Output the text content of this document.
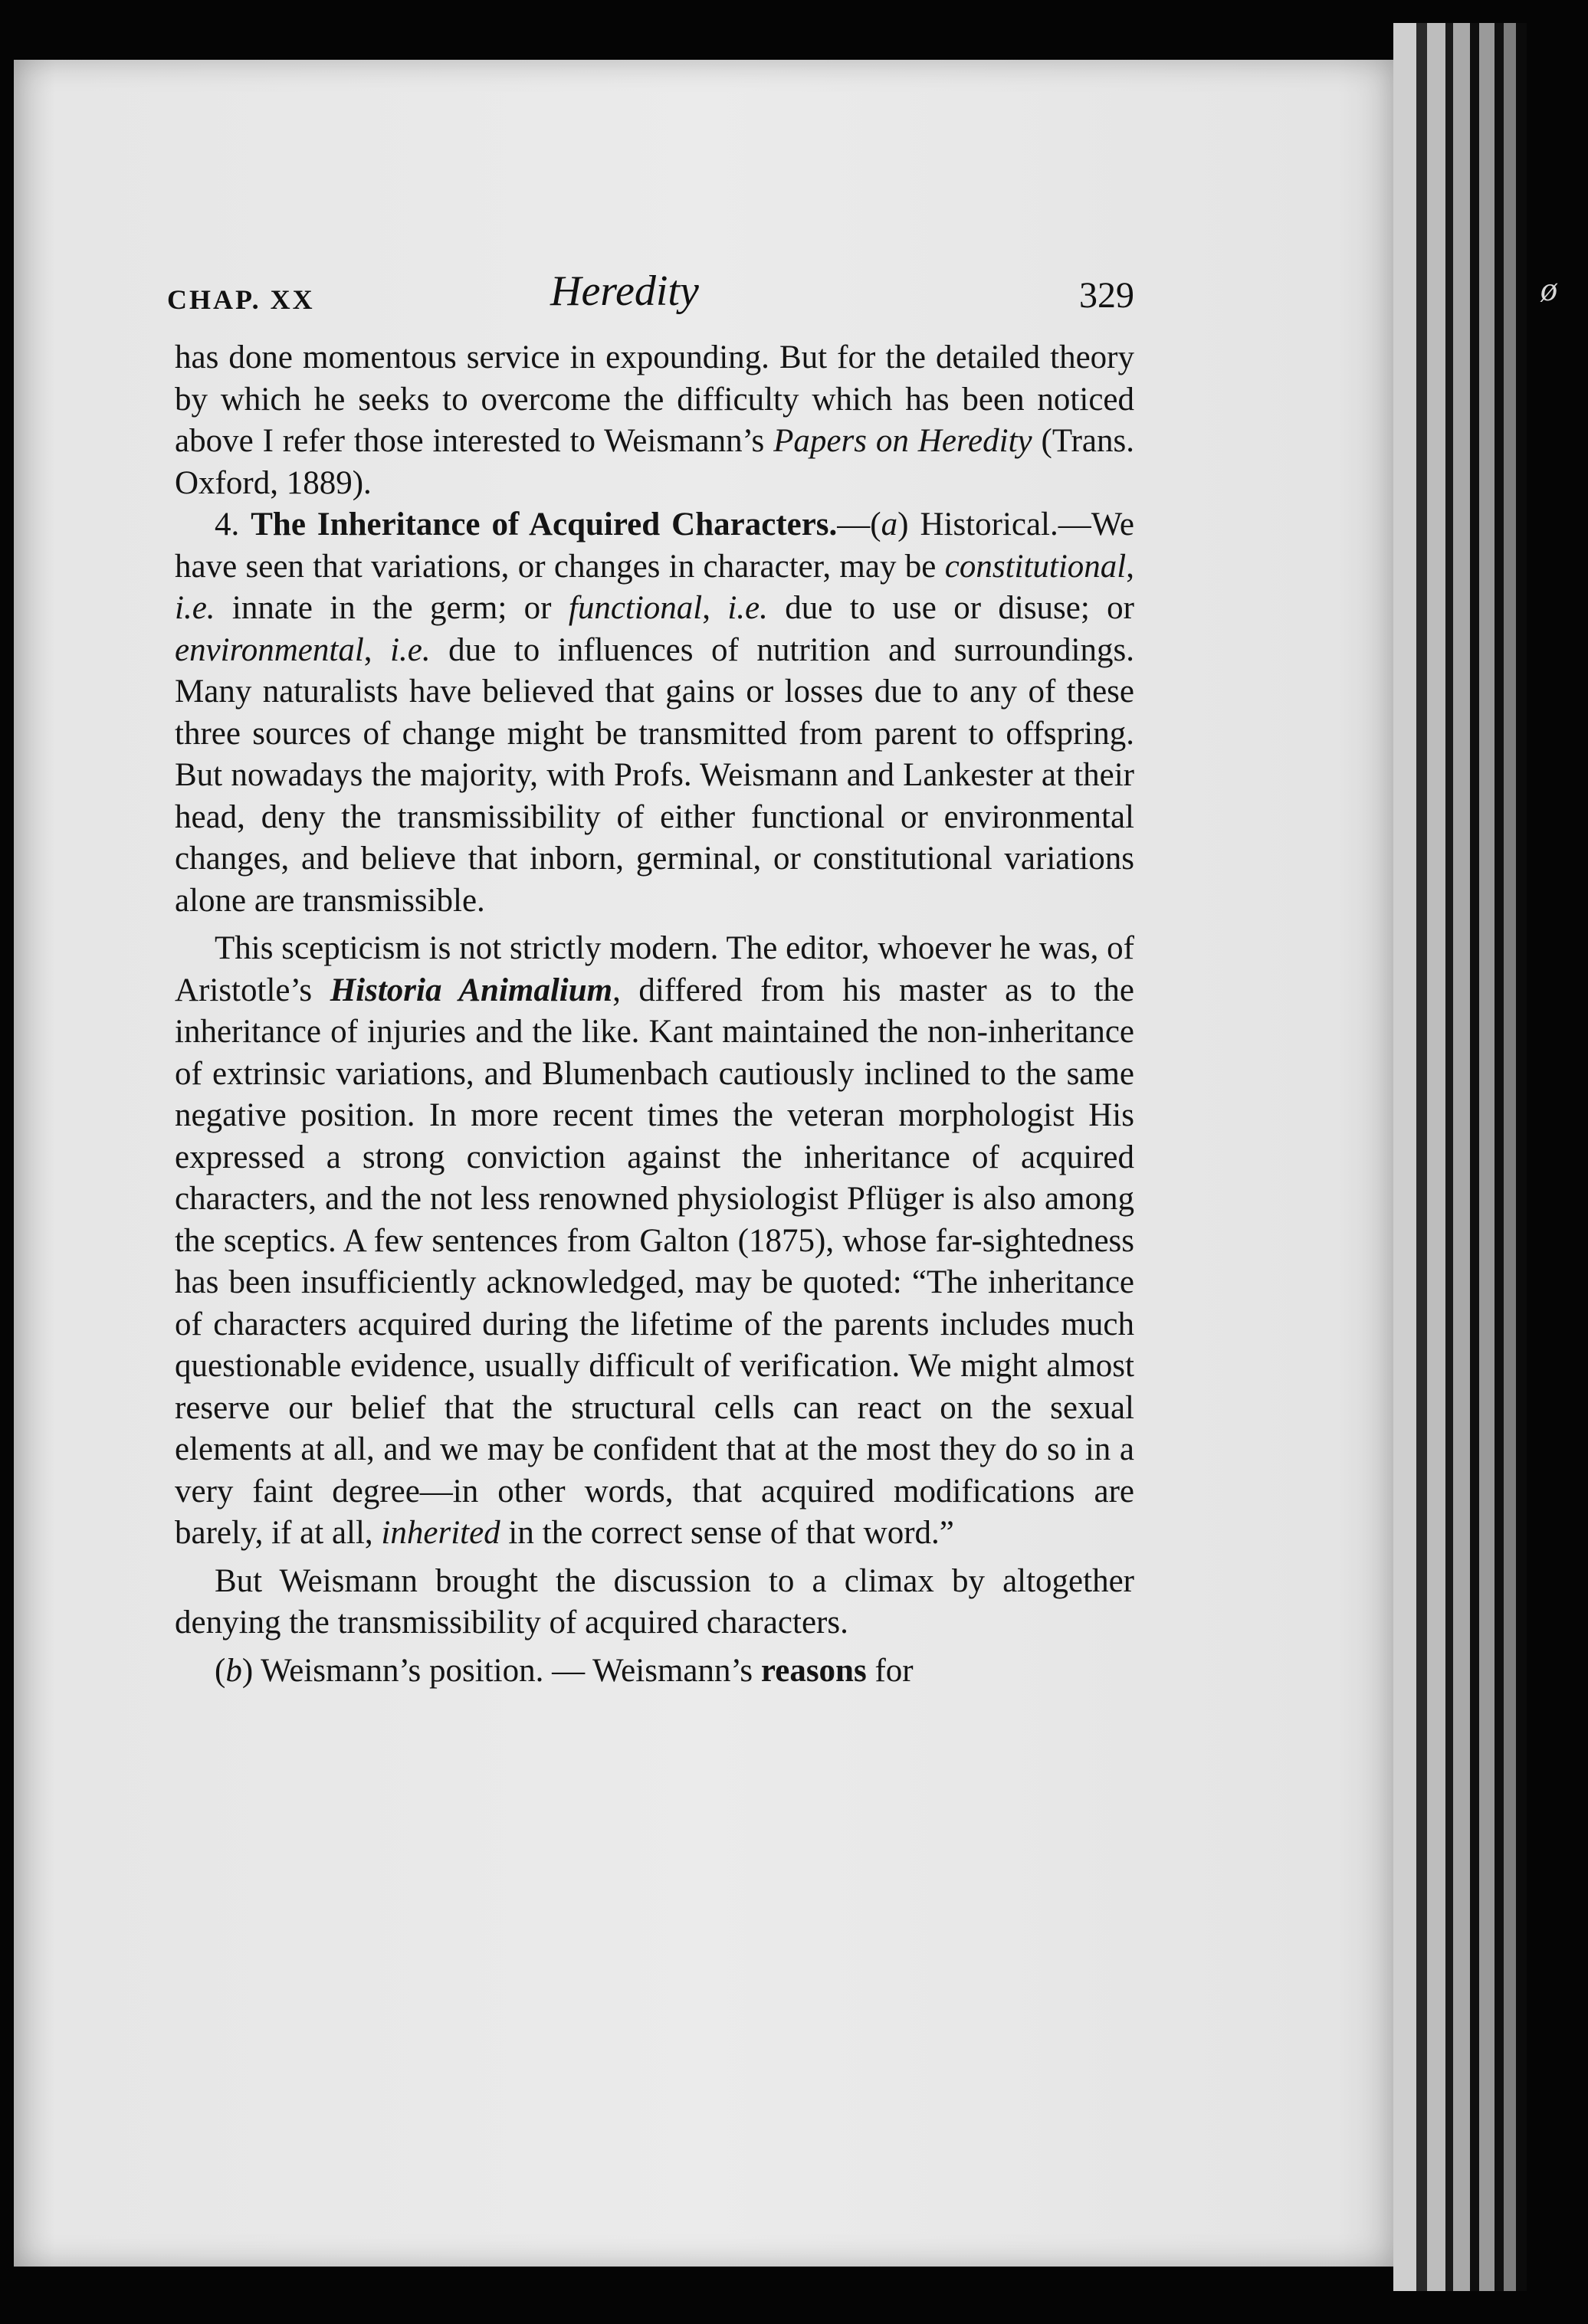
ø
CHAP. XX	Heredity	329

has done momentous service in expounding. But for the detailed theory by which he seeks to overcome the difficulty which has been noticed above I refer those interested to Weismann’s Papers on Heredity (Trans. Oxford, 1889).

4. The Inheritance of Acquired Characters.—(a) Historical.—We have seen that variations, or changes in character, may be constitutional, i.e. innate in the germ; or functional, i.e. due to use or disuse; or environmental, i.e. due to influences of nutrition and surroundings. Many naturalists have believed that gains or losses due to any of these three sources of change might be transmitted from parent to offspring. But nowadays the majority, with Profs. Weismann and Lankester at their head, deny the transmissibility of either functional or environmental changes, and believe that inborn, germinal, or constitutional variations alone are transmissible.

This scepticism is not strictly modern. The editor, whoever he was, of Aristotle’s Historia Animalium, differed from his master as to the inheritance of injuries and the like. Kant maintained the non-inheritance of extrinsic variations, and Blumenbach cautiously inclined to the same negative position. In more recent times the veteran morphologist His expressed a strong conviction against the inheritance of acquired characters, and the not less renowned physiologist Pflüger is also among the sceptics. A few sentences from Galton (1875), whose far-sightedness has been insufficiently acknowledged, may be quoted: “The inheritance of characters acquired during the lifetime of the parents includes much questionable evidence, usually difficult of verification. We might almost reserve our belief that the structural cells can react on the sexual elements at all, and we may be confident that at the most they do so in a very faint degree—in other words, that acquired modifications are barely, if at all, inherited in the correct sense of that word.”

But Weismann brought the discussion to a climax by altogether denying the transmissibility of acquired characters.

(b) Weismann’s position. — Weismann’s reasons for
